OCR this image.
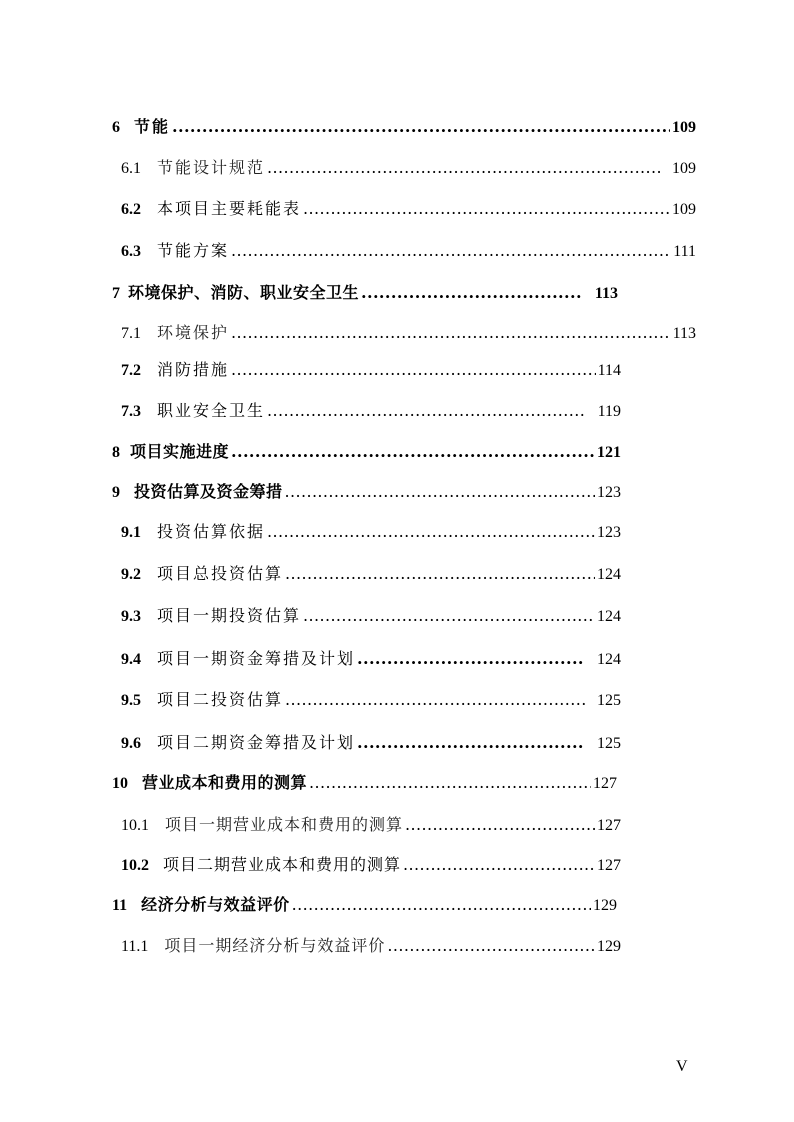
6 节能 .....	109
6.1 节能设计规范 .....	109
6.2 本项目主要耗能表 .....	109
6.3 节能方案 .....	111
7 环境保护、消防、职业安全卫生 .....	113
7.1 环境保护 .....	113
7.2 消防措施 .....	114
7.3 职业安全卫生 .....	119
8 项目实施进度 .....	121
9 投资估算及资金筹措 .....	123
9.1 投资估算依据 .....	123
9.2 项目总投资估算 .....	124
9.3 项目一期投资估算 .....	124
9.4 项目一期资金筹措及计划 .....	124
9.5 项目二投资估算 .....	125
9.6 项目二期资金筹措及计划 .....	125
10 营业成本和费用的测算 .....	127
10.1 项目一期营业成本和费用的测算 .....	127
10.2 项目二期营业成本和费用的测算 .....	127
11 经济分析与效益评价 .....	129
11.1 项目一期经济分析与效益评价 .....	129
V
